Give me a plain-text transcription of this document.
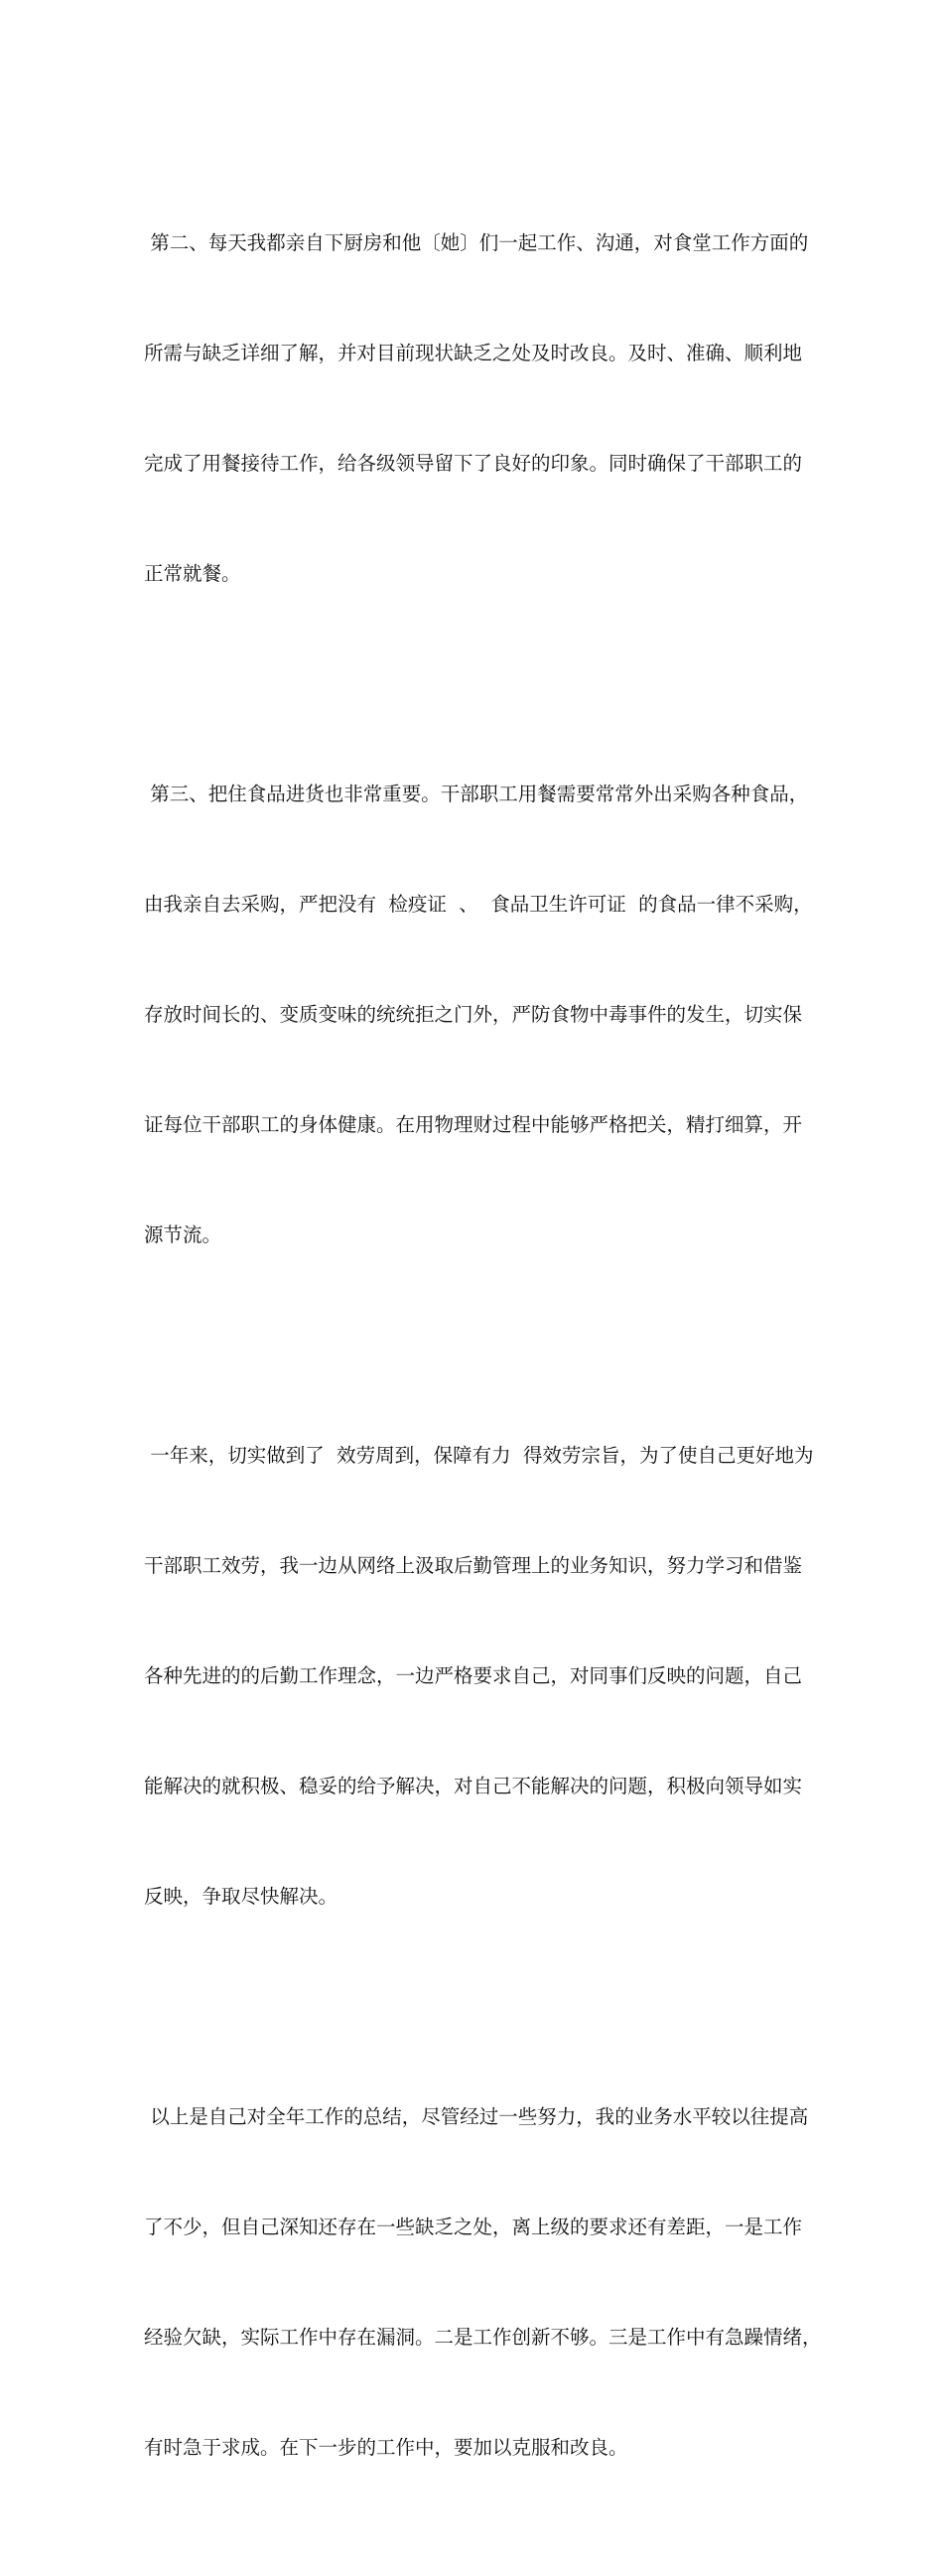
第二、每天我都亲自下厨房和他〔她〕们一起工作、沟通，对食堂工作方面的

所需与缺乏详细了解，并对目前现状缺乏之处及时改良。及时、准确、顺利地

完成了用餐接待工作，给各级领导留下了良好的印象。同时确保了干部职工的

正常就餐。

第三、把住食品进货也非常重要。干部职工用餐需要常常外出采购各种食品，

由我亲自去采购，严把没有  检疫证  、  食品卫生许可证  的食品一律不采购，

存放时间长的、变质变味的统统拒之门外，严防食物中毒事件的发生，切实保

证每位干部职工的身体健康。在用物理财过程中能够严格把关，精打细算，开

源节流。

一年来，切实做到了  效劳周到，保障有力  得效劳宗旨，为了使自己更好地为

干部职工效劳，我一边从网络上汲取后勤管理上的业务知识，努力学习和借鉴

各种先进的的后勤工作理念，一边严格要求自己，对同事们反映的问题，自己

能解决的就积极、稳妥的给予解决，对自己不能解决的问题，积极向领导如实

反映，争取尽快解决。

以上是自己对全年工作的总结，尽管经过一些努力，我的业务水平较以往提高

了不少，但自己深知还存在一些缺乏之处，离上级的要求还有差距，一是工作

经验欠缺，实际工作中存在漏洞。二是工作创新不够。三是工作中有急躁情绪，

有时急于求成。在下一步的工作中，要加以克服和改良。
